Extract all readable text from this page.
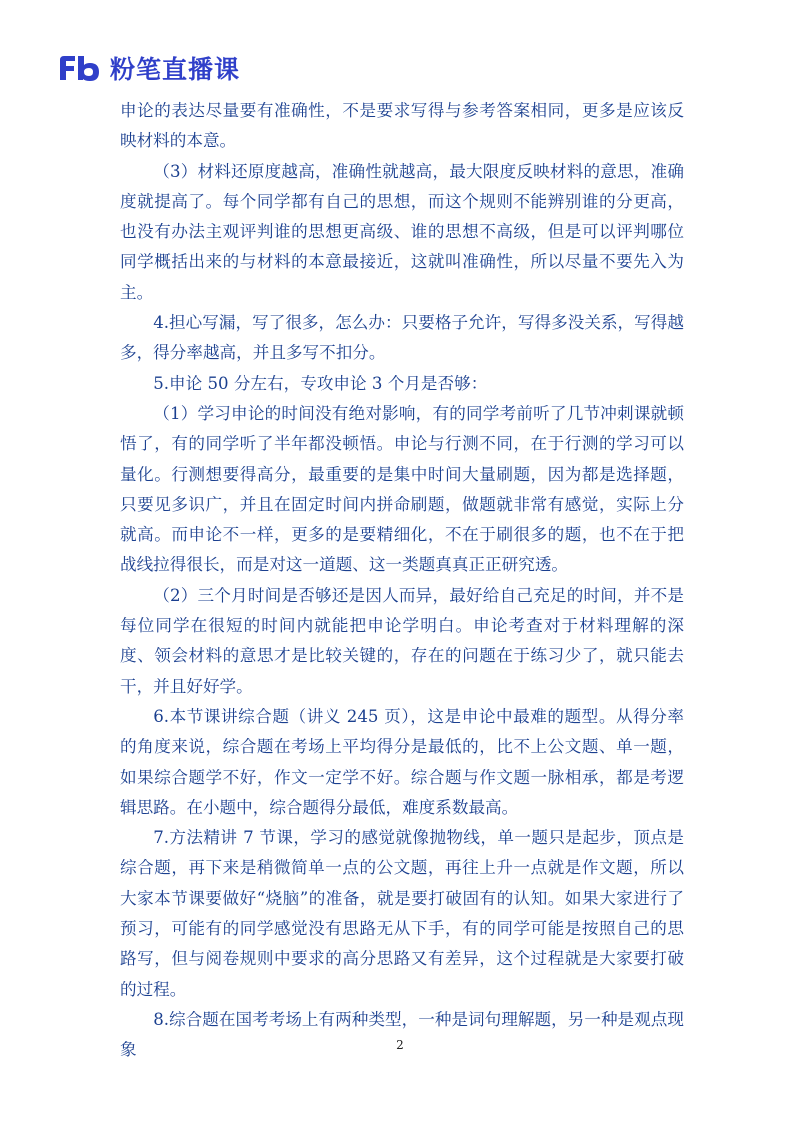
粉笔直播课

申论的表达尽量要有准确性，不是要求写得与参考答案相同，更多是应该反映材料的本意。

（3）材料还原度越高，准确性就越高，最大限度反映材料的意思，准确度就提高了。每个同学都有自己的思想，而这个规则不能辨别谁的分更高，也没有办法主观评判谁的思想更高级、谁的思想不高级，但是可以评判哪位同学概括出来的与材料的本意最接近，这就叫准确性，所以尽量不要先入为主。

4.担心写漏，写了很多，怎么办：只要格子允许，写得多没关系，写得越多，得分率越高，并且多写不扣分。

5.申论 50 分左右，专攻申论 3 个月是否够：

（1）学习申论的时间没有绝对影响，有的同学考前听了几节冲刺课就顿悟了，有的同学听了半年都没顿悟。申论与行测不同，在于行测的学习可以量化。行测想要得高分，最重要的是集中时间大量刷题，因为都是选择题，只要见多识广，并且在固定时间内拼命刷题，做题就非常有感觉，实际上分就高。而申论不一样，更多的是要精细化，不在于刷很多的题，也不在于把战线拉得很长，而是对这一道题、这一类题真真正正研究透。

（2）三个月时间是否够还是因人而异，最好给自己充足的时间，并不是每位同学在很短的时间内就能把申论学明白。申论考查对于材料理解的深度、领会材料的意思才是比较关键的，存在的问题在于练习少了，就只能去干，并且好好学。

6.本节课讲综合题（讲义 245 页），这是申论中最难的题型。从得分率的角度来说，综合题在考场上平均得分是最低的，比不上公文题、单一题，如果综合题学不好，作文一定学不好。综合题与作文题一脉相承，都是考逻辑思路。在小题中，综合题得分最低，难度系数最高。

7.方法精讲 7 节课，学习的感觉就像抛物线，单一题只是起步，顶点是综合题，再下来是稍微简单一点的公文题，再往上升一点就是作文题，所以大家本节课要做好“烧脑”的准备，就是要打破固有的认知。如果大家进行了预习，可能有的同学感觉没有思路无从下手，有的同学可能是按照自己的思路写，但与阅卷规则中要求的高分思路又有差异，这个过程就是大家要打破的过程。

8.综合题在国考考场上有两种类型，一种是词句理解题，另一种是观点现象	2
